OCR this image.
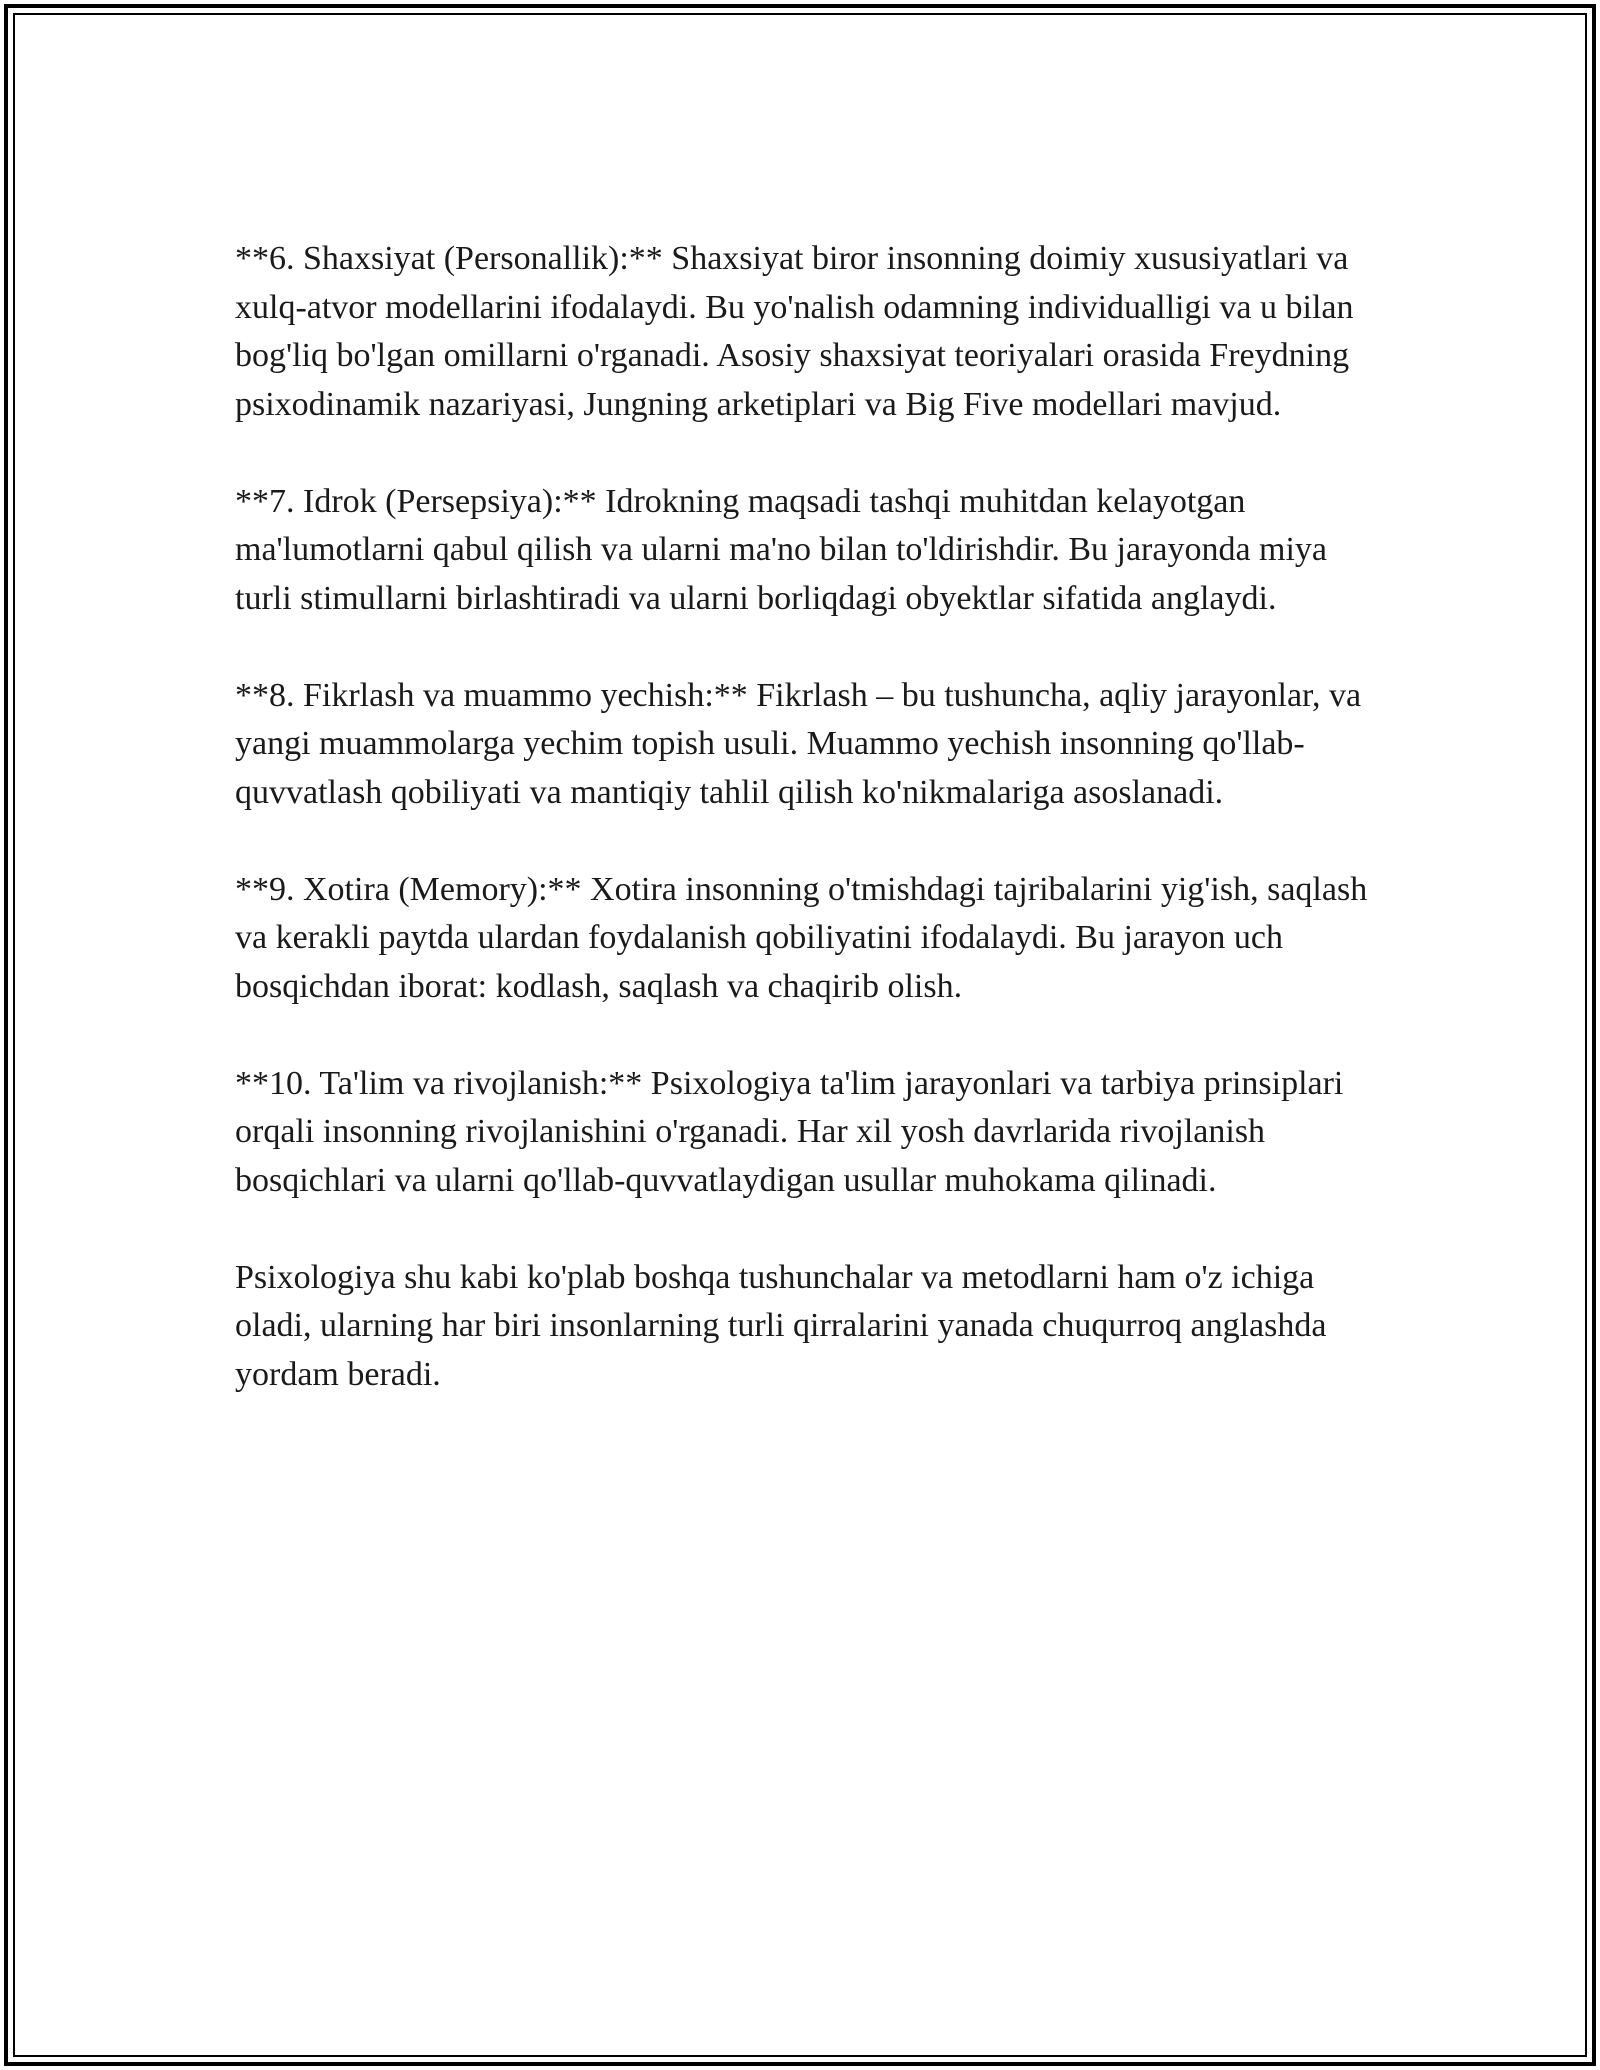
**6. Shaxsiyat (Personallik):** Shaxsiyat biror insonning doimiy xususiyatlari va xulq-atvor modellarini ifodalaydi. Bu yo'nalish odamning individualligi va u bilan bog'liq bo'lgan omillarni o'rganadi. Asosiy shaxsiyat teoriyalari orasida Freydning psixodinamik nazariyasi, Jungning arketiplari va Big Five modellari mavjud.

**7. Idrok (Persepsiya):** Idrokning maqsadi tashqi muhitdan kelayotgan ma'lumotlarni qabul qilish va ularni ma'no bilan to'ldirishdir. Bu jarayonda miya turli stimullarni birlashtiradi va ularni borliqdagi obyektlar sifatida anglaydi.

**8. Fikrlash va muammo yechish:** Fikrlash – bu tushuncha, aqliy jarayonlar, va yangi muammolarga yechim topish usuli. Muammo yechish insonning qo'llab-quvvatlash qobiliyati va mantiqiy tahlil qilish ko'nikmalariga asoslanadi.

**9. Xotira (Memory):** Xotira insonning o'tmishdagi tajribalarini yig'ish, saqlash va kerakli paytda ulardan foydalanish qobiliyatini ifodalaydi. Bu jarayon uch bosqichdan iborat: kodlash, saqlash va chaqirib olish.

**10. Ta'lim va rivojlanish:** Psixologiya ta'lim jarayonlari va tarbiya prinsiplari orqali insonning rivojlanishini o'rganadi. Har xil yosh davrlarida rivojlanish bosqichlari va ularni qo'llab-quvvatlaydigan usullar muhokama qilinadi.

Psixologiya shu kabi ko'plab boshqa tushunchalar va metodlarni ham o'z ichiga oladi, ularning har biri insonlarning turli qirralarini yanada chuqurroq anglashda yordam beradi.
